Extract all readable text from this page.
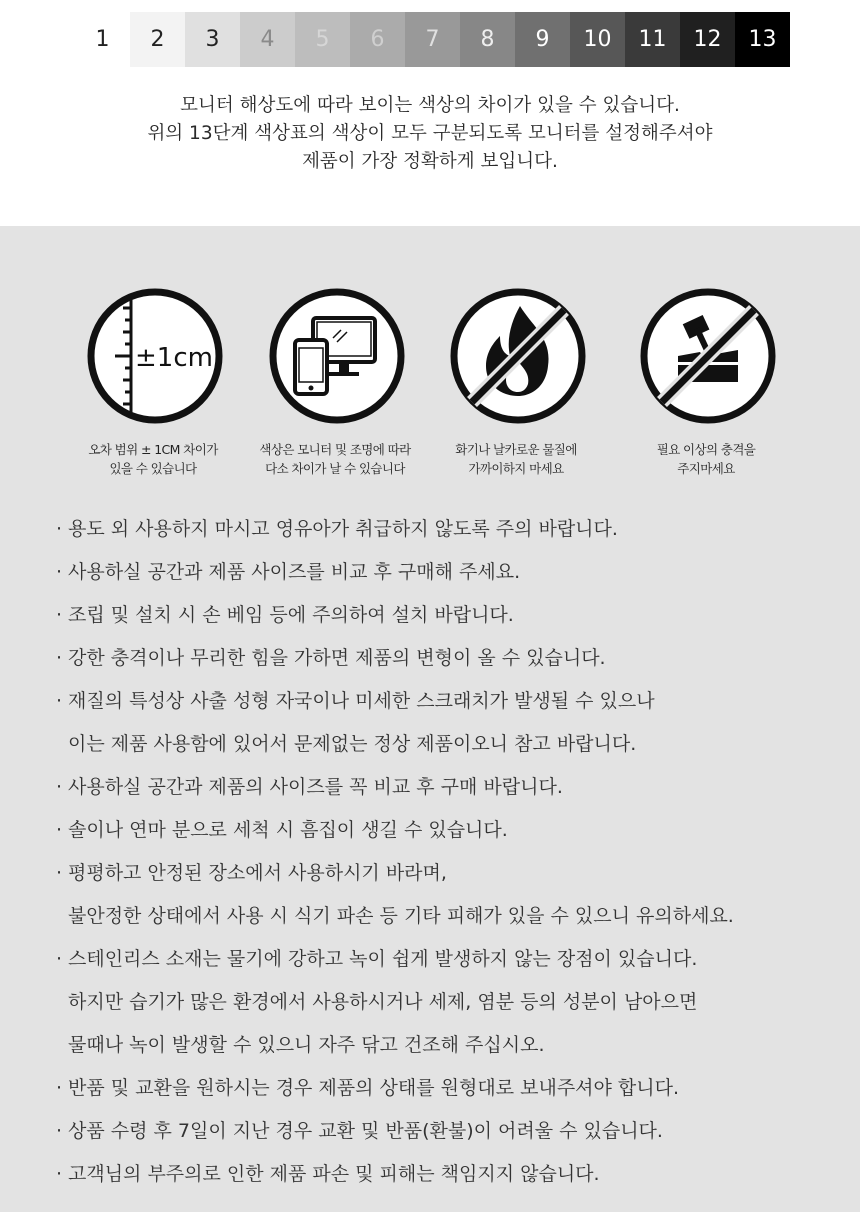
1	2	3	4	5	6	7	8	9	10	11	12	13
모니터 해상도에 따라 보이는 색상의 차이가 있을 수 있습니다.
위의 13단계 색상표의 색상이 모두 구분되도록 모니터를 설정해주셔야
제품이 가장 정확하게 보입니다.
±1cm
오차 범위 ± 1CM 차이가
있을 수 있습니다
색상은 모니터 및 조명에 따라
다소 차이가 날 수 있습니다
화기나 날카로운 물질에
가까이하지 마세요
필요 이상의 충격을
주지마세요
· 용도 외 사용하지 마시고 영유아가 취급하지 않도록 주의 바랍니다.
· 사용하실 공간과 제품 사이즈를 비교 후 구매해 주세요.
· 조립 및 설치 시 손 베임 등에 주의하여 설치 바랍니다.
· 강한 충격이나 무리한 힘을 가하면 제품의 변형이 올 수 있습니다.
· 재질의 특성상 사출 성형 자국이나 미세한 스크래치가 발생될 수 있으나
이는 제품 사용함에 있어서 문제없는 정상 제품이오니 참고 바랍니다.
· 사용하실 공간과 제품의 사이즈를 꼭 비교 후 구매 바랍니다.
· 솔이나 연마 분으로 세척 시 흠집이 생길 수 있습니다.
· 평평하고 안정된 장소에서 사용하시기 바라며,
불안정한 상태에서 사용 시 식기 파손 등 기타 피해가 있을 수 있으니 유의하세요.
· 스테인리스 소재는 물기에 강하고 녹이 쉽게 발생하지 않는 장점이 있습니다.
하지만 습기가 많은 환경에서 사용하시거나 세제, 염분 등의 성분이 남아으면
물때나 녹이 발생할 수 있으니 자주 닦고 건조해 주십시오.
· 반품 및 교환을 원하시는 경우 제품의 상태를 원형대로 보내주셔야 합니다.
· 상품 수령 후 7일이 지난 경우 교환 및 반품(환불)이 어려울 수 있습니다.
· 고객님의 부주의로 인한 제품 파손 및 피해는 책임지지 않습니다.
